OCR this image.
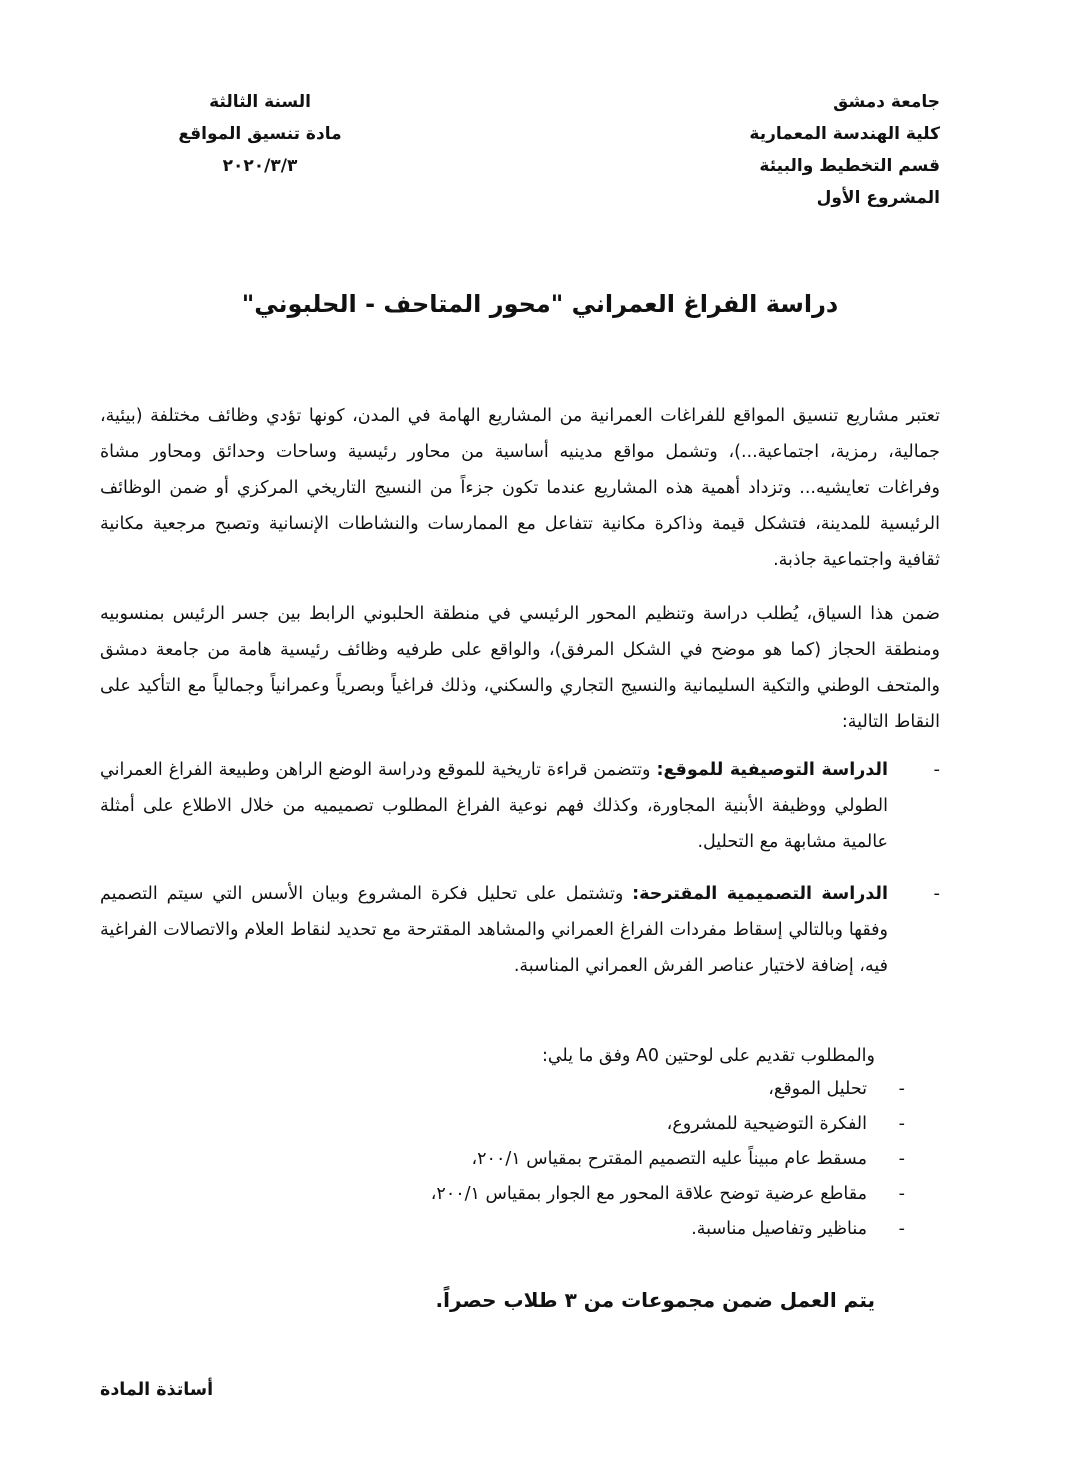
جامعة دمشق
كلية الهندسة المعمارية
قسم التخطيط والبيئة
المشروع الأول
السنة الثالثة
مادة تنسيق المواقع
٢٠٢٠/٣/٣
دراسة الفراغ العمراني "محور المتاحف - الحلبوني"

تعتبر مشاريع تنسيق المواقع للفراغات العمرانية من المشاريع الهامة في المدن، كونها تؤدي وظائف مختلفة (بيئية، جمالية، رمزية، اجتماعية...)، وتشمل مواقع مدينيه أساسية من محاور رئيسية وساحات وحدائق ومحاور مشاة وفراغات تعايشيه... وتزداد أهمية هذه المشاريع عندما تكون جزءاً من النسيج التاريخي المركزي أو ضمن الوظائف الرئيسية للمدينة، فتشكل قيمة وذاكرة مكانية تتفاعل مع الممارسات والنشاطات الإنسانية وتصبح مرجعية مكانية ثقافية واجتماعية جاذبة.

ضمن هذا السياق، يُطلب دراسة وتنظيم المحور الرئيسي في منطقة الحلبوني الرابط بين جسر الرئيس بمنسوبيه ومنطقة الحجاز (كما هو موضح في الشكل المرفق)، والواقع على طرفيه وظائف رئيسية هامة من جامعة دمشق والمتحف الوطني والتكية السليمانية والنسيج التجاري والسكني، وذلك فراغياً وبصرياً وعمرانياً وجمالياً مع التأكيد على النقاط التالية:

-
الدراسة التوصيفية للموقع: وتتضمن قراءة تاريخية للموقع ودراسة الوضع الراهن وطبيعة الفراغ العمراني الطولي ووظيفة الأبنية المجاورة، وكذلك فهم نوعية الفراغ المطلوب تصميميه من خلال الاطلاع على أمثلة عالمية مشابهة مع التحليل.
-
الدراسة التصميمية المقترحة: وتشتمل على تحليل فكرة المشروع وبيان الأسس التي سيتم التصميم وفقها وبالتالي إسقاط مفردات الفراغ العمراني والمشاهد المقترحة مع تحديد لنقاط العلام والاتصالات الفراغية فيه، إضافة لاختيار عناصر الفرش العمراني المناسبة.
والمطلوب تقديم على لوحتين A0 وفق ما يلي:
-
تحليل الموقع،
-
الفكرة التوضيحية للمشروع،
-
مسقط عام مبيناً عليه التصميم المقترح بمقياس ٢٠٠/١،
-
مقاطع عرضية توضح علاقة المحور مع الجوار بمقياس ٢٠٠/١،
-
مناظير وتفاصيل مناسبة.
يتم العمل ضمن مجموعات من ٣ طلاب حصراً.
أساتذة المادة
